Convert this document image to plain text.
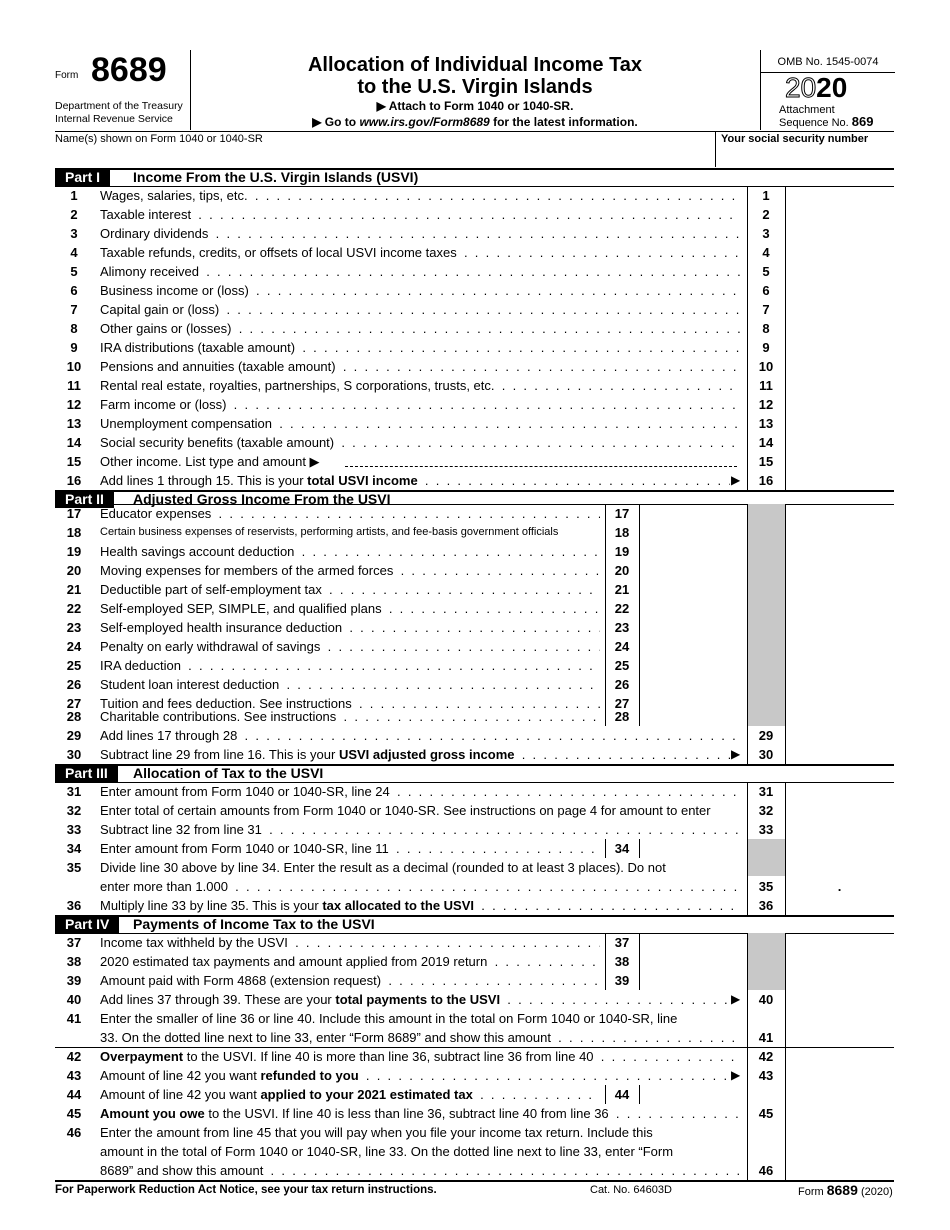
Form 8689
Department of the Treasury
Internal Revenue Service
Allocation of Individual Income Tax
to the U.S. Virgin Islands
▶ Attach to Form 1040 or 1040-SR.
▶ Go to www.irs.gov/Form8689 for the latest information.
OMB No. 1545-0074
2020
Attachment
Sequence No. 869
Name(s) shown on Form 1040 or 1040-SR	Your social security number
Part I	Income From the U.S. Virgin Islands (USVI)
1	Wages, salaries, tips, etc. . .	1
2	Taxable interest . .	2
3	Ordinary dividends . .	3
4	Taxable refunds, credits, or offsets of local USVI income taxes . .	4
5	Alimony received . .	5
6	Business income or (loss) . .	6
7	Capital gain or (loss) . .	7
8	Other gains or (losses) . .	8
9	IRA distributions (taxable amount) . .	9
10	Pensions and annuities (taxable amount) . .	10
11	Rental real estate, royalties, partnerships, S corporations, trusts, etc. . .	11
12	Farm income or (loss) . .	12
13	Unemployment compensation . .	13
14	Social security benefits (taxable amount) . .	14
15	Other income. List type and amount ▶	15
16	Add lines 1 through 15. This is your total USVI income . .	▶	16
Part II	Adjusted Gross Income From the USVI
17	Educator expenses . .	17
18	Certain business expenses of reservists, performing artists, and fee-basis government officials	18
19	Health savings account deduction . .	19
20	Moving expenses for members of the armed forces . .	20
21	Deductible part of self-employment tax . .	21
22	Self-employed SEP, SIMPLE, and qualified plans . .	22
23	Self-employed health insurance deduction . .	23
24	Penalty on early withdrawal of savings . .	24
25	IRA deduction . .	25
26	Student loan interest deduction . .	26
27	Tuition and fees deduction. See instructions . .	27
28	Charitable contributions. See instructions . .	28
29	Add lines 17 through 28 . .	29
30	Subtract line 29 from line 16. This is your USVI adjusted gross income . .	▶	30
Part III	Allocation of Tax to the USVI
31	Enter amount from Form 1040 or 1040-SR, line 24 . .	31
32	Enter total of certain amounts from Form 1040 or 1040-SR. See instructions on page 4 for amount to enter	32
33	Subtract line 32 from line 31 . .	33
34	Enter amount from Form 1040 or 1040-SR, line 11 . .	34
35	Divide line 30 above by line 34. Enter the result as a decimal (rounded to at least 3 places). Do not
enter more than 1.000 . .	35	.
36	Multiply line 33 by line 35. This is your tax allocated to the USVI . .	36
Part IV	Payments of Income Tax to the USVI
37	Income tax withheld by the USVI . .	37
38	2020 estimated tax payments and amount applied from 2019 return . .	38
39	Amount paid with Form 4868 (extension request) . .	39
40	Add lines 37 through 39. These are your total payments to the USVI . .	▶	40
41	Enter the smaller of line 36 or line 40. Include this amount in the total on Form 1040 or 1040-SR, line
33. On the dotted line next to line 33, enter “Form 8689” and show this amount . .	41
42	Overpayment to the USVI. If line 40 is more than line 36, subtract line 36 from line 40 . .	42
43	Amount of line 42 you want refunded to you . .	▶	43
44	Amount of line 42 you want applied to your 2021 estimated tax . .	44
45	Amount you owe to the USVI. If line 40 is less than line 36, subtract line 40 from line 36 . .	45
46	Enter the amount from line 45 that you will pay when you file your income tax return. Include this
amount in the total of Form 1040 or 1040-SR, line 33. On the dotted line next to line 33, enter “Form
8689” and show this amount . .	46
For Paperwork Reduction Act Notice, see your tax return instructions.	Cat. No. 64603D	Form 8689 (2020)
